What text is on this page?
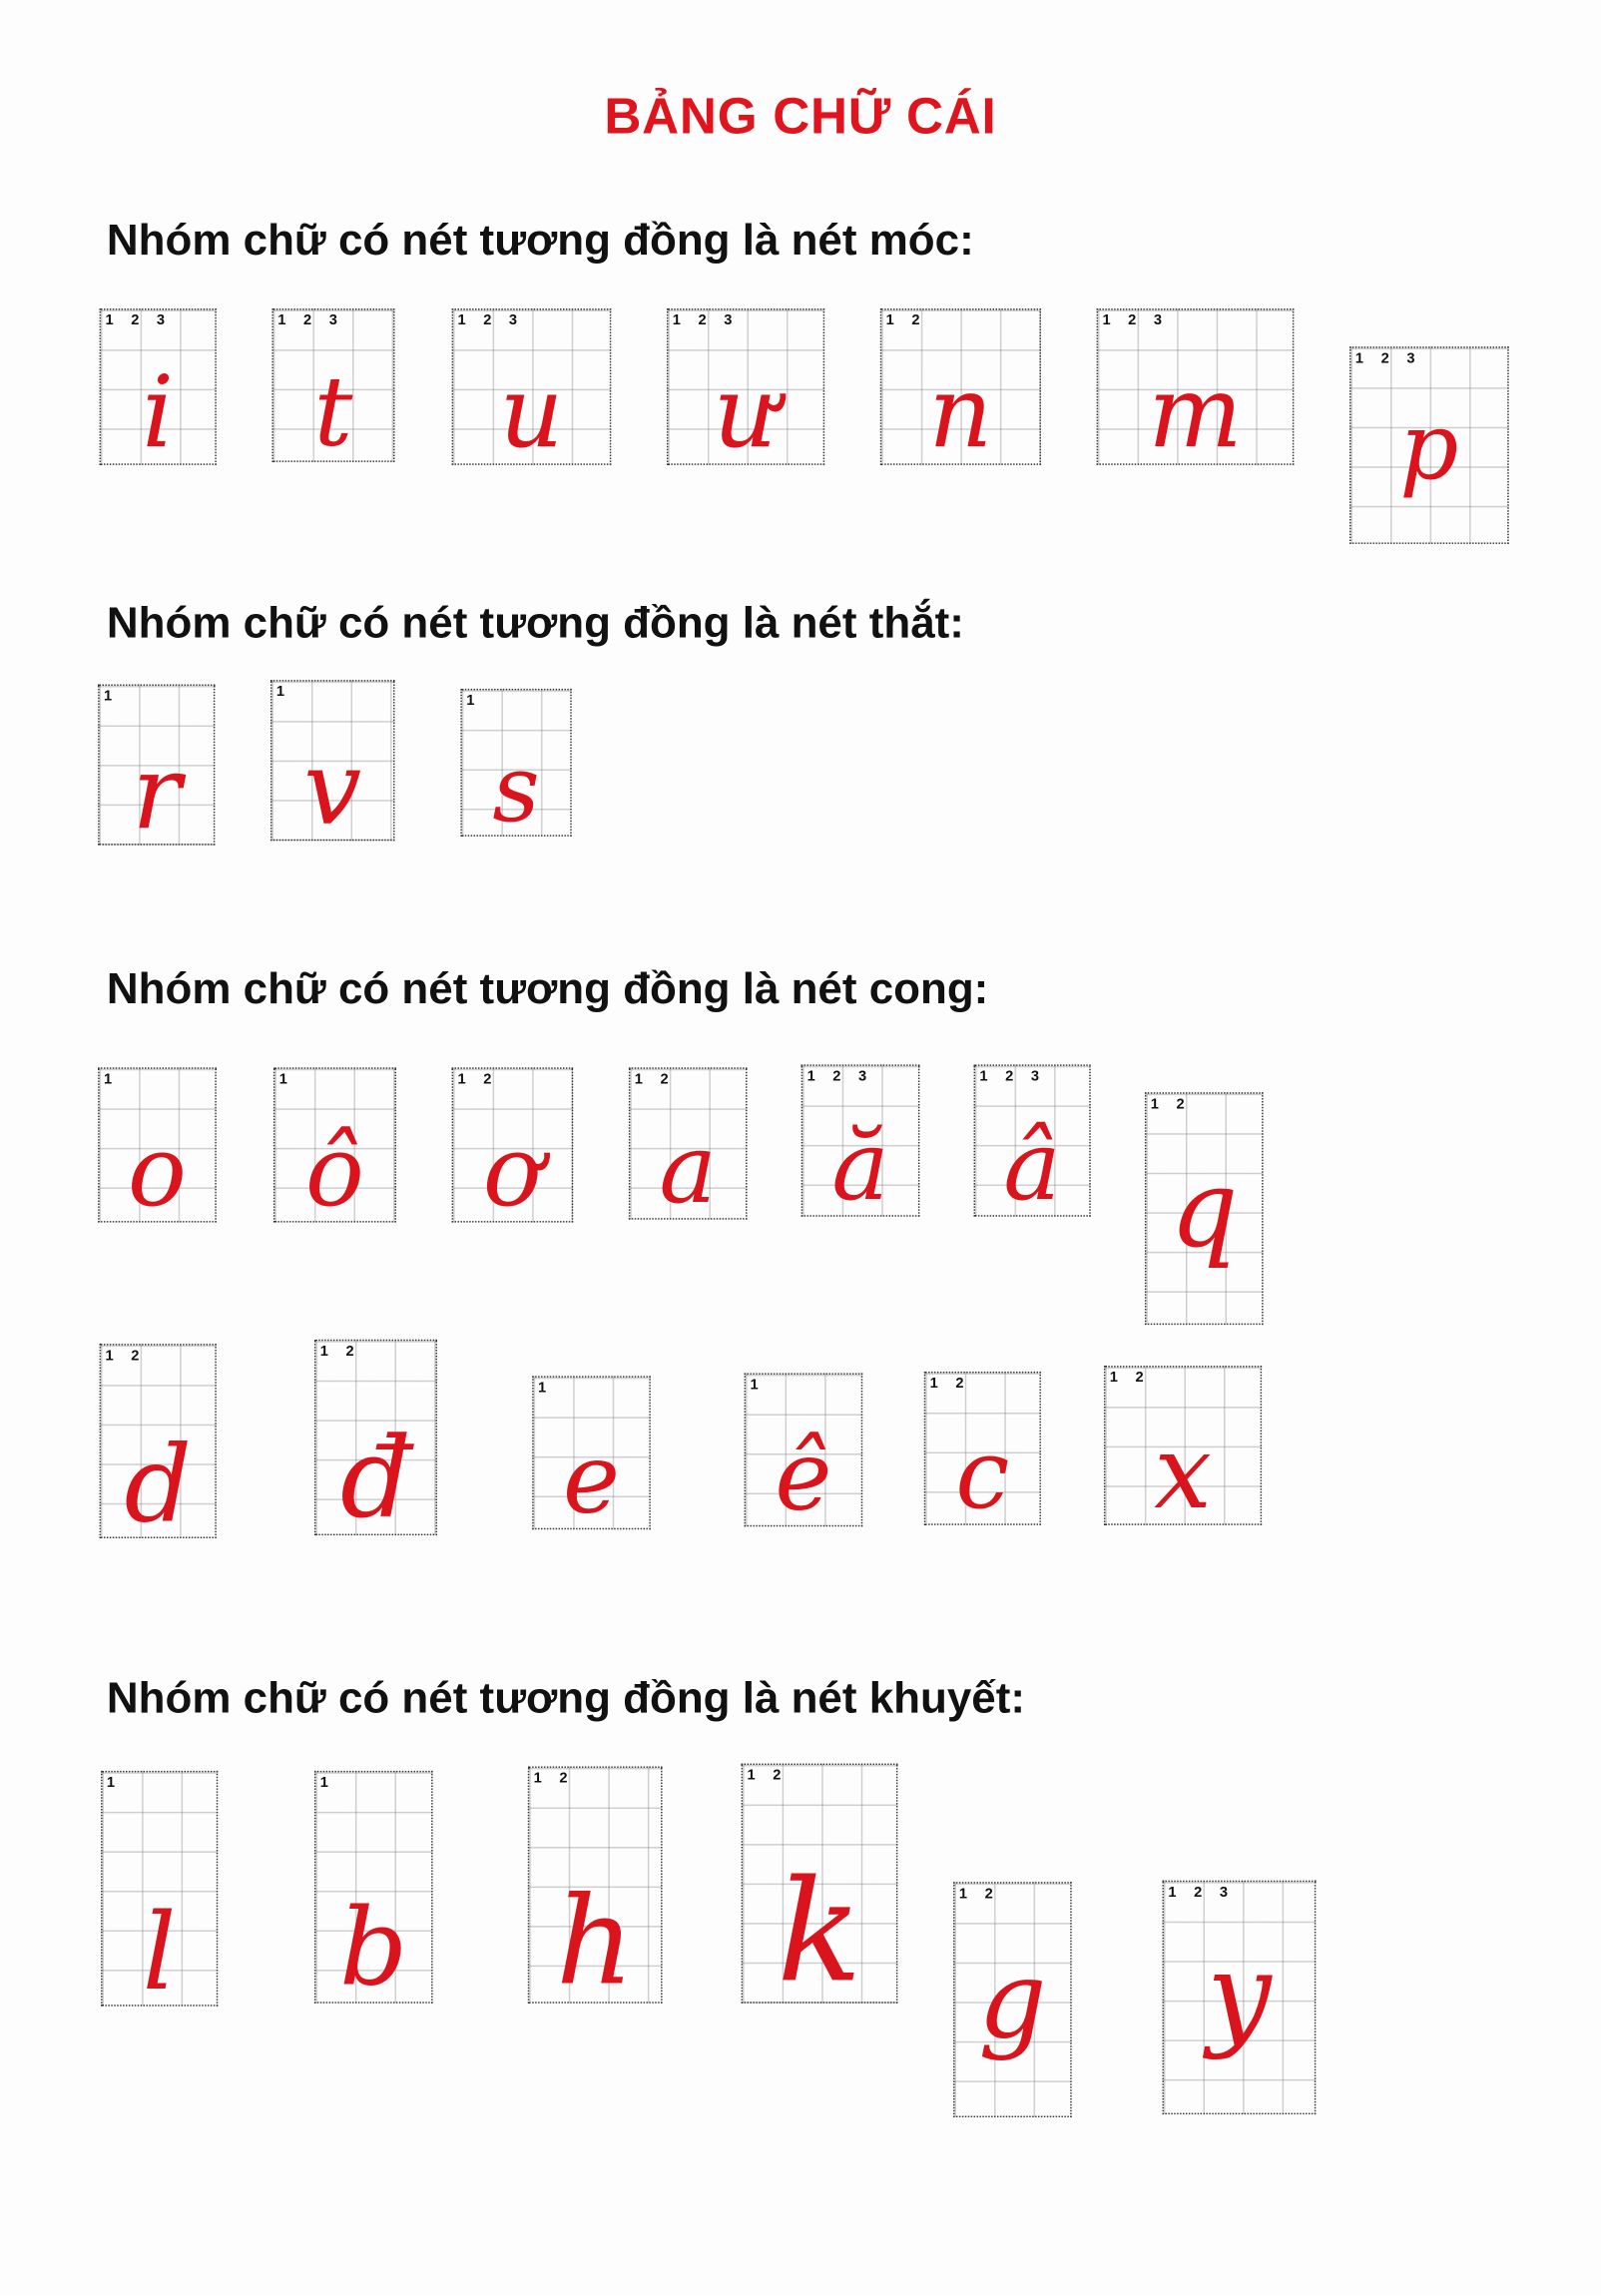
BẢNG CHỮ CÁI
Nhóm chữ có nét tương đồng là nét móc:
1 2 3
i
1 2 3
t
1 2 3
u
1 2 3
ư
1 2
n
1 2 3
m	1 2 3
p
Nhóm chữ có nét tương đồng là nét thắt:
1
r
1
v
1
s
Nhóm chữ có nét tương đồng là nét cong:
1
o
1
ô
1 2
ơ
1 2
a
1 2 3
ă
1 2 3
â
1 2
q
1 2
d
1 2
đ
1
e
1
ê
1 2
c
1 2
x
Nhóm chữ có nét tương đồng là nét khuyết:
1
l
1
b
1 2
h
1 2
k	1 2
g
1 2 3
y
